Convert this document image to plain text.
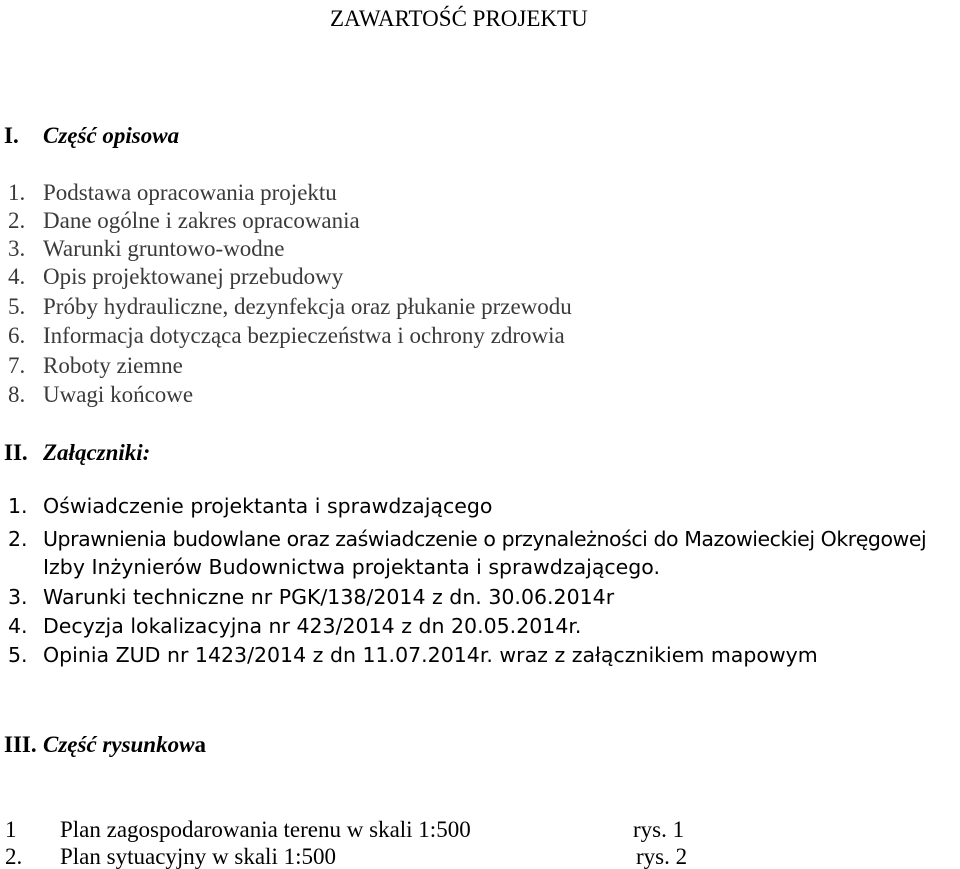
ZAWARTOŚĆ PROJEKTU
I. Część opisowa
1. Podstawa opracowania projektu
2. Dane ogólne i zakres opracowania
3. Warunki gruntowo-wodne
4. Opis projektowanej przebudowy
5. Próby hydrauliczne, dezynfekcja oraz płukanie przewodu
6. Informacja dotycząca bezpieczeństwa i ochrony zdrowia
7. Roboty ziemne
8. Uwagi końcowe
II. Załączniki:
1. Oświadczenie projektanta i sprawdzającego
2. Uprawnienia budowlane oraz zaświadczenie o przynależności do Mazowieckiej Okręgowej
Izby Inżynierów Budownictwa projektanta i sprawdzającego.
3. Warunki techniczne nr PGK/138/2014 z dn. 30.06.2014r
4. Decyzja lokalizacyjna nr 423/2014 z dn 20.05.2014r.
5. Opinia ZUD nr 1423/2014 z dn 11.07.2014r. wraz z załącznikiem mapowym
III. Część rysunkowa
1 Plan zagospodarowania terenu w skali 1:500	rys. 1
2. Plan sytuacyjny w skali 1:500	rys. 2
